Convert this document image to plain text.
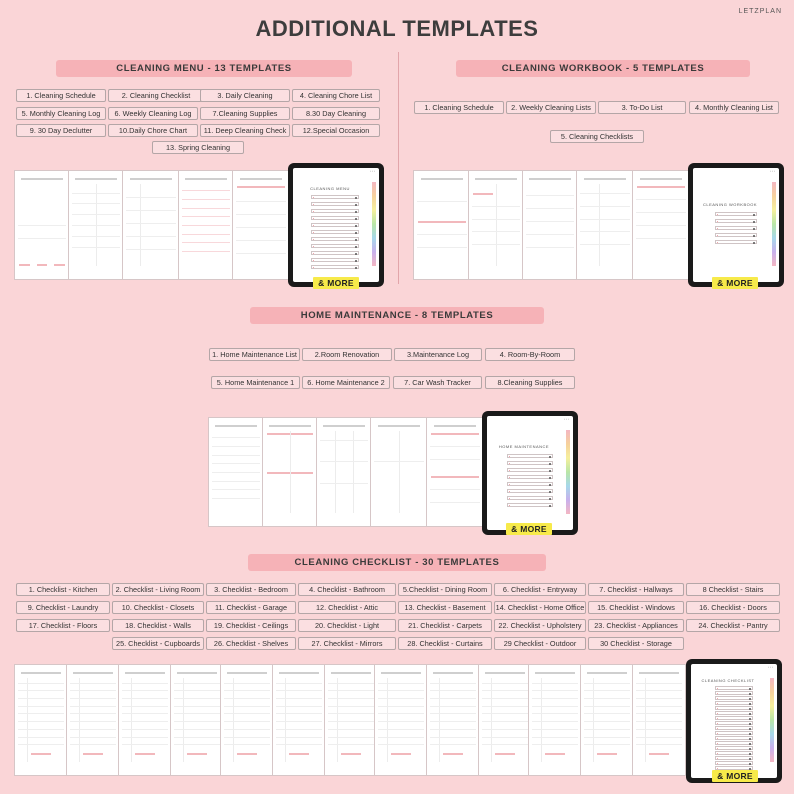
ADDITIONAL TEMPLATES
LETZPLAN
CLEANING MENU - 13 TEMPLATES	CLEANING WORKBOOK - 5 TEMPLATES
HOME MAINTENANCE - 8 TEMPLATES
CLEANING CHECKLIST - 30 TEMPLATES
1. Cleaning Schedule	2. Cleaning Checklist	3. Daily Cleaning	4. Cleaning Chore List
5. Monthly Cleaning Log	6. Weekly Cleaning Log	7.Cleaning Supplies	8.30 Day Cleaning
9. 30 Day Declutter	10.Daily Chore Chart	11. Deep Cleaning Check	12.Special Occasion
13. Spring Cleaning
1. Cleaning Schedule	2. Weekly Cleaning Lists	3. To-Do List	4. Monthly Cleaning List
5. Cleaning Checklists
1. Home Maintenance List	2.Room Renovation	3.Maintenance Log	4. Room-By-Room
5. Home Maintenance 1	6. Home Maintenance 2	7. Car Wash Tracker	8.Cleaning Supplies
1. Checklist - Kitchen	2. Checklist - Living Room	3. Checklist - Bedroom	4. Checklist - Bathroom	5.Checklist - Dining Room	6. Checklist - Entryway	7. Checklist - Hallways	8 Checklist - Stairs
9. Checklist - Laundry	10. Checklist - Closets	11. Checklist - Garage	12. Checklist - Attic	13. Checklist - Basement	14. Checklist - Home Office	15. Checklist - Windows	16. Checklist - Doors
17. Checklist - Floors	18. Checklist - Walls	19. Checklist - Ceilings	20. Checklist - Light	21. Checklist - Carpets	22. Checklist - Upholstery	23. Checklist - Appliances	24. Checklist - Pantry
25. Checklist - Cupboards	26. Checklist - Shelves	27. Checklist - Mirrors	28. Checklist - Curtains	29 Checklist - Outdoor	30 Checklist - Storage
• • •
CLEANING MENU
& MORE
• • •
CLEANING WORKBOOK
& MORE
• • •
HOME MAINTENANCE
& MORE
• • •
CLEANING CHECKLIST
& MORE
